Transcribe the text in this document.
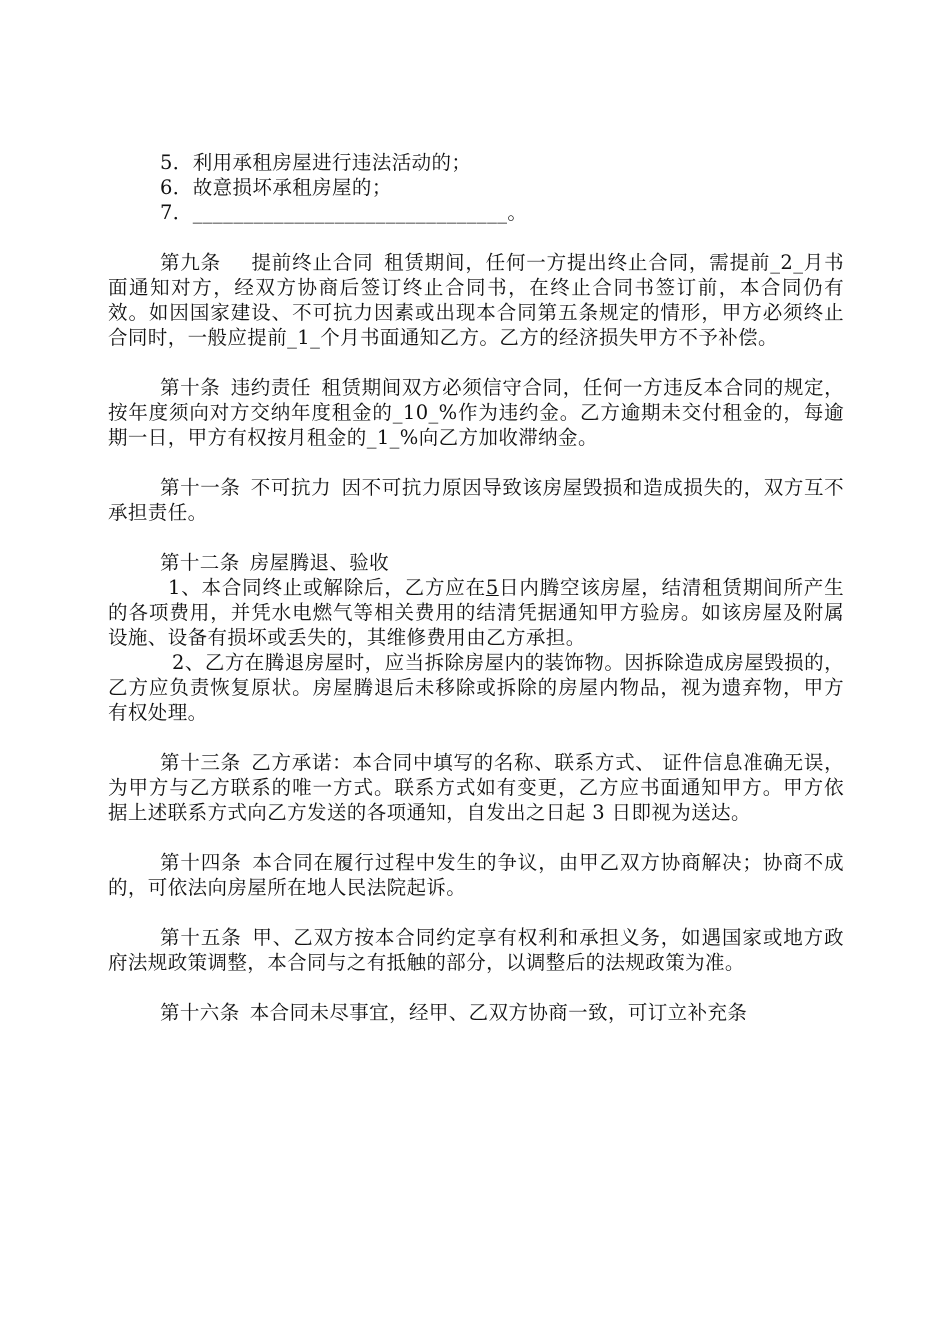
5．利用承租房屋进行违法活动的；
6．故意损坏承租房屋的；
7．_______________________________。

第九条   提前终止合同  租赁期间，任何一方提出终止合同，需提前_2_月书面通知对方，经双方协商后签订终止合同书，在终止合同书签订前，本合同仍有效。如因国家建设、不可抗力因素或出现本合同第五条规定的情形，甲方必须终止合同时，一般应提前_1_个月书面通知乙方。乙方的经济损失甲方不予补偿。

第十条  违约责任  租赁期间双方必须信守合同，任何一方违反本合同的规定，按年度须向对方交纳年度租金的_10_%作为违约金。乙方逾期未交付租金的，每逾期一日，甲方有权按月租金的_1_%向乙方加收滞纳金。

第十一条  不可抗力  因不可抗力原因导致该房屋毁损和造成损失的，双方互不承担责任。

第十二条  房屋腾退、验收

1、本合同终止或解除后，乙方应在5日内腾空该房屋，结清租赁期间所产生的各项费用，并凭水电燃气等相关费用的结清凭据通知甲方验房。如该房屋及附属设施、设备有损坏或丢失的，其维修费用由乙方承担。

2、乙方在腾退房屋时，应当拆除房屋内的装饰物。因拆除造成房屋毁损的，乙方应负责恢复原状。房屋腾退后未移除或拆除的房屋内物品，视为遗弃物，甲方有权处理。

第十三条  乙方承诺：本合同中填写的名称、联系方式、 证件信息准确无误，为甲方与乙方联系的唯一方式。联系方式如有变更，乙方应书面通知甲方。甲方依据上述联系方式向乙方发送的各项通知，自发出之日起 3 日即视为送达。

第十四条  本合同在履行过程中发生的争议，由甲乙双方协商解决；协商不成的，可依法向房屋所在地人民法院起诉。

第十五条  甲、乙双方按本合同约定享有权利和承担义务，如遇国家或地方政府法规政策调整，本合同与之有抵触的部分，以调整后的法规政策为准。

第十六条  本合同未尽事宜，经甲、乙双方协商一致，可订立补充条
